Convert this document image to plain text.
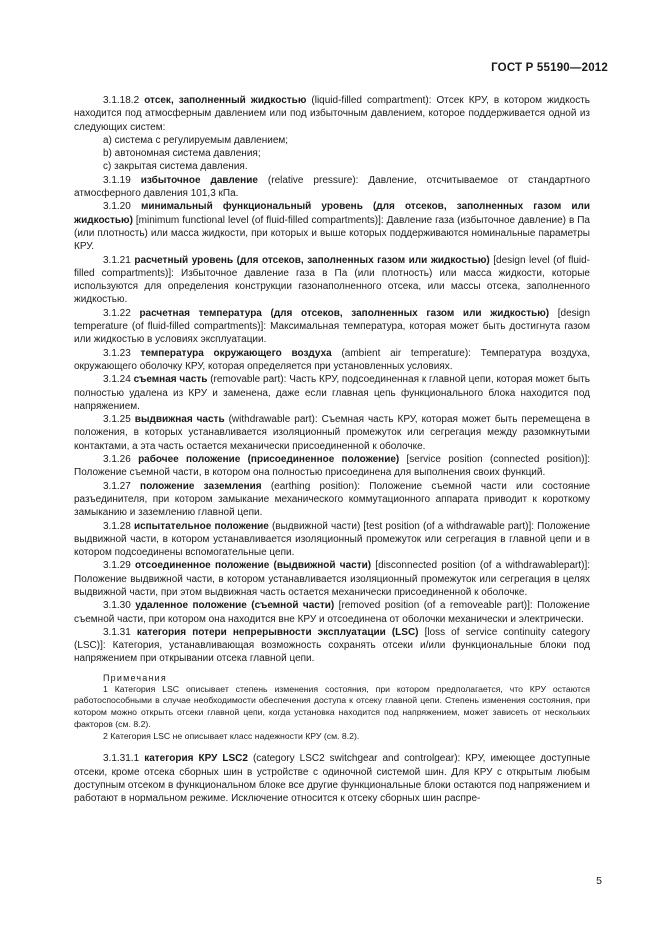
ГОСТ Р 55190—2012

3.1.18.2 отсек, заполненный жидкостью (liquid-filled compartment): Отсек КРУ, в котором жидкость находится под атмосферным давлением или под избыточным давлением, которое поддерживается одной из следующих систем:

a) система с регулируемым давлением;

b) автономная система давления;

c) закрытая система давления.

3.1.19 избыточное давление (relative pressure): Давление, отсчитываемое от стандартного атмосферного давления 101,3 кПа.

3.1.20 минимальный функциональный уровень (для отсеков, заполненных газом или жидкостью) [minimum functional level (of fluid-filled compartments)]: Давление газа (избыточное давление) в Па (или плотность) или масса жидкости, при которых и выше которых поддерживаются номинальные параметры КРУ.

3.1.21 расчетный уровень (для отсеков, заполненных газом или жидкостью) [design level (of fluid-filled compartments)]: Избыточное давление газа в Па (или плотность) или масса жидкости, которые используются для определения конструкции газонаполненного отсека, или массы отсека, заполненного жидкостью.

3.1.22 расчетная температура (для отсеков, заполненных газом или жидкостью) [design temperature (of fluid-filled compartments)]: Максимальная температура, которая может быть достигнута газом или жидкостью в условиях эксплуатации.

3.1.23 температура окружающего воздуха (ambient air temperature): Температура воздуха, окружающего оболочку КРУ, которая определяется при установленных условиях.

3.1.24 съемная часть (removable part): Часть КРУ, подсоединенная к главной цепи, которая может быть полностью удалена из КРУ и заменена, даже если главная цепь функционального блока находится под напряжением.

3.1.25 выдвижная часть (withdrawable part): Съемная часть КРУ, которая может быть перемещена в положения, в которых устанавливается изоляционный промежуток или сегрегация между разомкнутыми контактами, а эта часть остается механически присоединенной к оболочке.

3.1.26 рабочее положение (присоединенное положение) [service position (connected position)]: Положение съемной части, в котором она полностью присоединена для выполнения своих функций.

3.1.27 положение заземления (earthing position): Положение съемной части или состояние разъединителя, при котором замыкание механического коммутационного аппарата приводит к короткому замыканию и заземлению главной цепи.

3.1.28 испытательное положение (выдвижной части) [test position (of a withdrawable part)]: Положение выдвижной части, в котором устанавливается изоляционный промежуток или сегрегация в главной цепи и в котором подсоединены вспомогательные цепи.

3.1.29 отсоединенное положение (выдвижной части) [disconnected position (of a withdrawablepart)]: Положение выдвижной части, в котором устанавливается изоляционный промежуток или сегрегация в целях выдвижной части, при этом выдвижная часть остается механически присоединенной к оболочке.

3.1.30 удаленное положение (съемной части) [removed position (of a removeable part)]: Положение съемной части, при котором она находится вне КРУ и отсоединена от оболочки механически и электрически.

3.1.31 категория потери непрерывности эксплуатации (LSC) [loss of service continuity category (LSC)]: Категория, устанавливающая возможность сохранять отсеки и/или функциональные блоки под напряжением при открывании отсека главной цепи.

Примечания

1 Категория LSC описывает степень изменения состояния, при котором предполагается, что КРУ остаются работоспособными в случае необходимости обеспечения доступа к отсеку главной цепи. Степень изменения состояния, при котором можно открыть отсеки главной цепи, когда установка находится под напряжением, может зависеть от нескольких факторов (см. 8.2).

2 Категория LSC не описывает класс надежности КРУ (см. 8.2).

3.1.31.1 категория КРУ LSC2 (category LSC2 switchgear and controlgear): КРУ, имеющее доступные отсеки, кроме отсека сборных шин в устройстве с одиночной системой шин. Для КРУ с открытым любым доступным отсеком в функциональном блоке все другие функциональные блоки остаются под напряжением и работают в нормальном режиме. Исключение относится к отсеку сборных шин распре-

5
